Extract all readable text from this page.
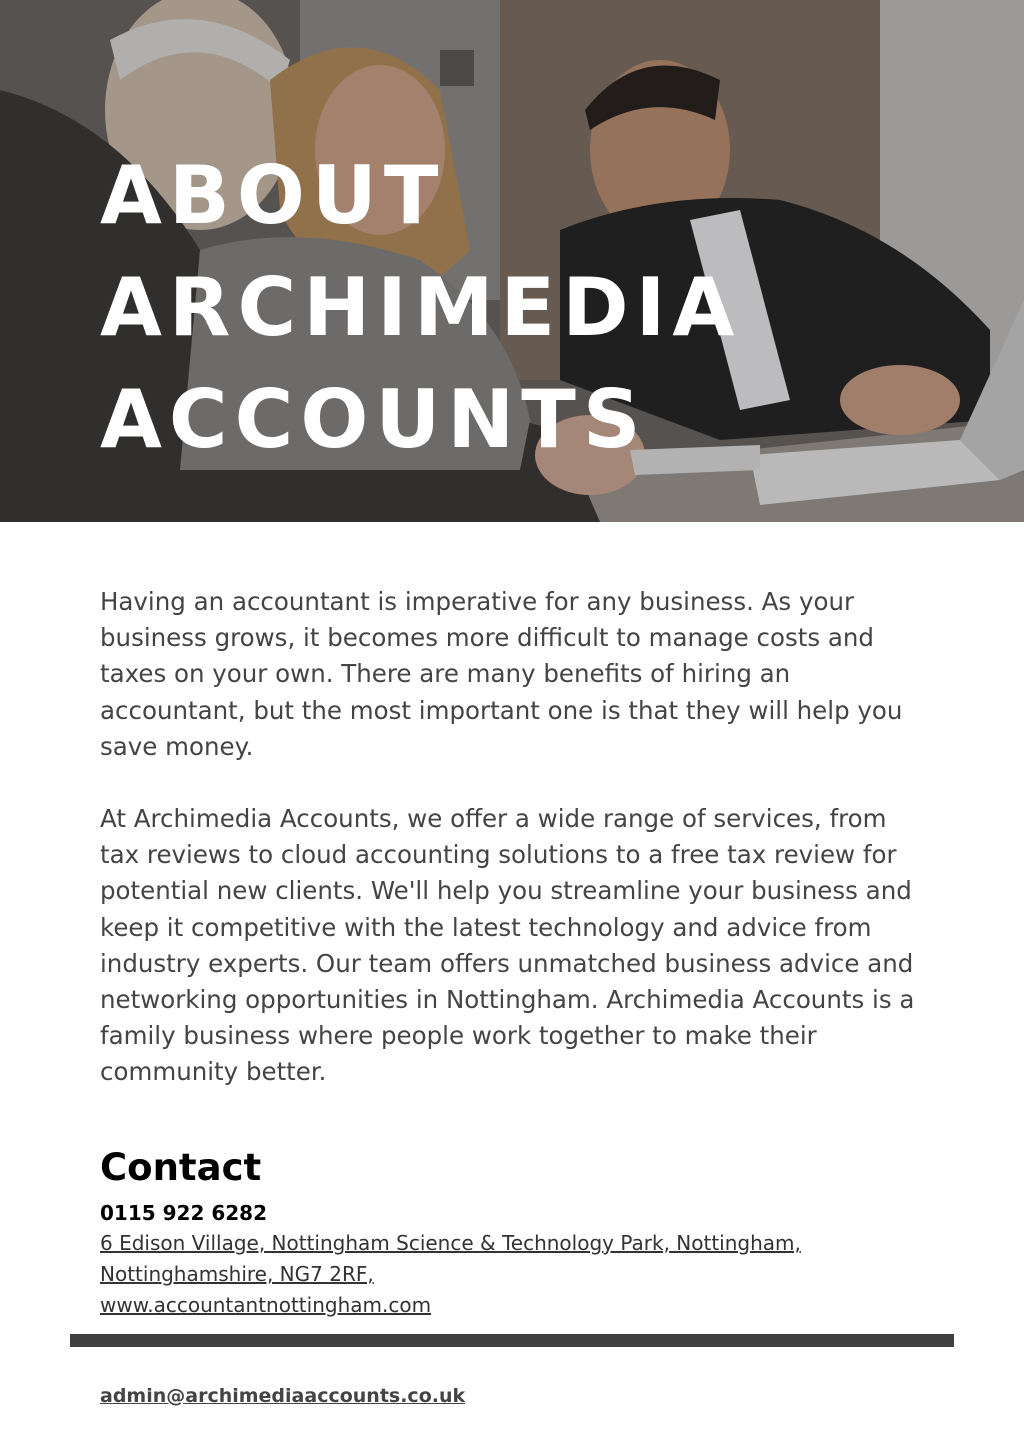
ABOUT
ARCHIMEDIA
ACCOUNTS

Having an accountant is imperative for any business. As your business grows, it becomes more difficult to manage costs and taxes on your own. There are many benefits of hiring an accountant, but the most important one is that they will help you save money.

At Archimedia Accounts, we offer a wide range of services, from tax reviews to cloud accounting solutions to a free tax review for potential new clients. We'll help you streamline your business and keep it competitive with the latest technology and advice from industry experts. Our team offers unmatched business advice and networking opportunities in Nottingham. Archimedia Accounts is a family business where people work together to make their community better.

Contact
0115 922 6282
6 Edison Village, Nottingham Science & Technology Park, Nottingham,
Nottinghamshire, NG7 2RF,
www.accountantnottingham.com
admin@archimediaaccounts.co.uk
